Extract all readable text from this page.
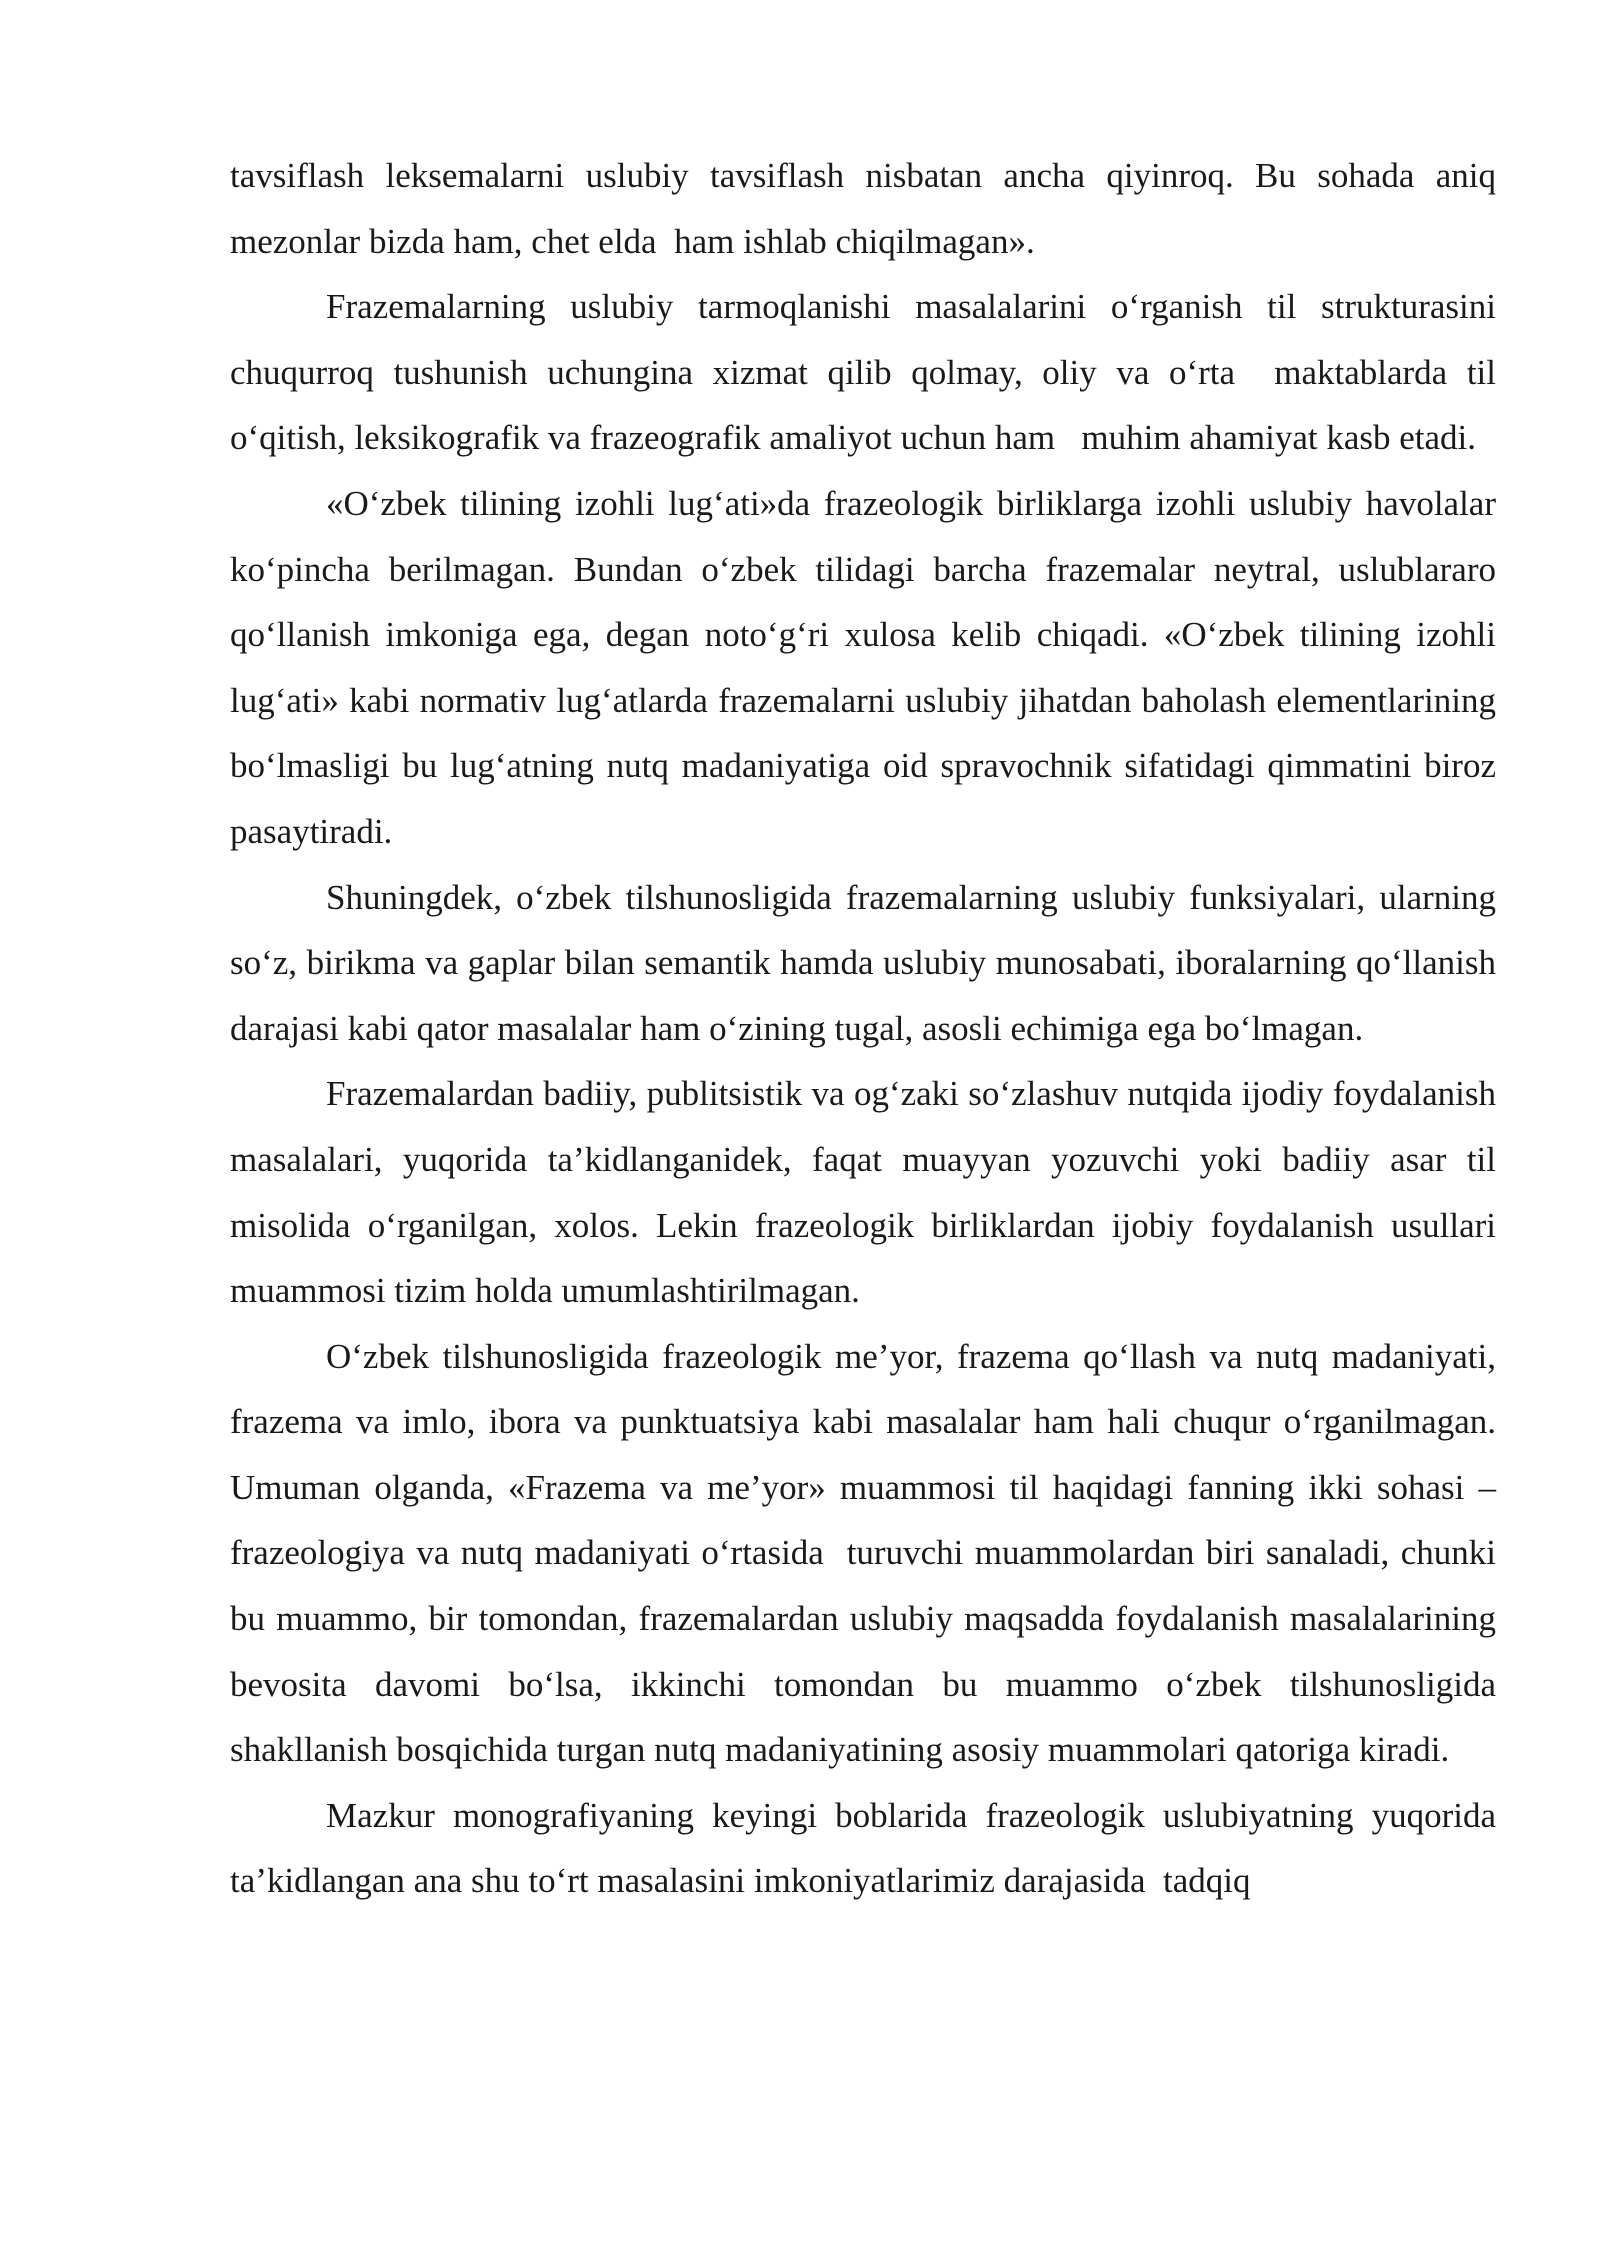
tavsiflash leksemalarni uslubiy tavsiflash nisbatan ancha qiyinroq. Bu sohada aniq mezonlar bizda ham, chet elda  ham ishlab chiqilmagan».

Frazemalarning uslubiy tarmoqlanishi masalalarini o‘rganish til strukturasini chuqurroq tushunish uchungina xizmat qilib qolmay, oliy va o‘rta  maktablarda til o‘qitish, leksikografik va frazeografik amaliyot uchun ham   muhim ahamiyat kasb etadi.

«O‘zbek tilining izohli lug‘ati»da frazeologik birliklarga izohli uslubiy havolalar ko‘pincha berilmagan. Bundan o‘zbek tilidagi barcha frazemalar neytral, uslublararo qo‘llanish imkoniga ega, degan noto‘g‘ri xulosa kelib chiqadi. «O‘zbek tilining izohli lug‘ati» kabi normativ lug‘atlarda frazemalarni uslubiy jihatdan baholash elementlarining bo‘lmasligi bu lug‘atning nutq madaniyatiga oid spravochnik sifatidagi qimmatini biroz pasaytiradi.

Shuningdek, o‘zbek tilshunosligida frazemalarning uslubiy funksiyalari, ularning so‘z, birikma va gaplar bilan semantik hamda uslubiy munosabati, iboralarning qo‘llanish darajasi kabi qator masalalar ham o‘zining tugal, asosli echimiga ega bo‘lmagan.

Frazemalardan badiiy, publitsistik va og‘zaki so‘zlashuv nutqida ijodiy foydalanish masalalari, yuqorida ta’kidlanganidek, faqat muayyan yozuvchi yoki badiiy asar til misolida o‘rganilgan, xolos. Lekin frazeologik birliklardan ijobiy foydalanish usullari muammosi tizim holda umumlashtirilmagan.

O‘zbek tilshunosligida frazeologik me’yor, frazema qo‘llash va nutq madaniyati, frazema va imlo, ibora va punktuatsiya kabi masalalar ham hali chuqur o‘rganilmagan. Umuman olganda, «Frazema va me’yor» muammosi til haqidagi fanning ikki sohasi – frazeologiya va nutq madaniyati o‘rtasida  turuvchi muammolardan biri sanaladi, chunki bu muammo, bir tomondan, frazemalardan uslubiy maqsadda foydalanish masalalarining bevosita davomi bo‘lsa, ikkinchi tomondan bu muammo o‘zbek tilshunosligida shakllanish bosqichida turgan nutq madaniyatining asosiy muammolari qatoriga kiradi.

Mazkur monografiyaning keyingi boblarida frazeologik uslubiyatning yuqorida ta’kidlangan ana shu to‘rt masalasini imkoniyatlarimiz darajasida  tadqiq
